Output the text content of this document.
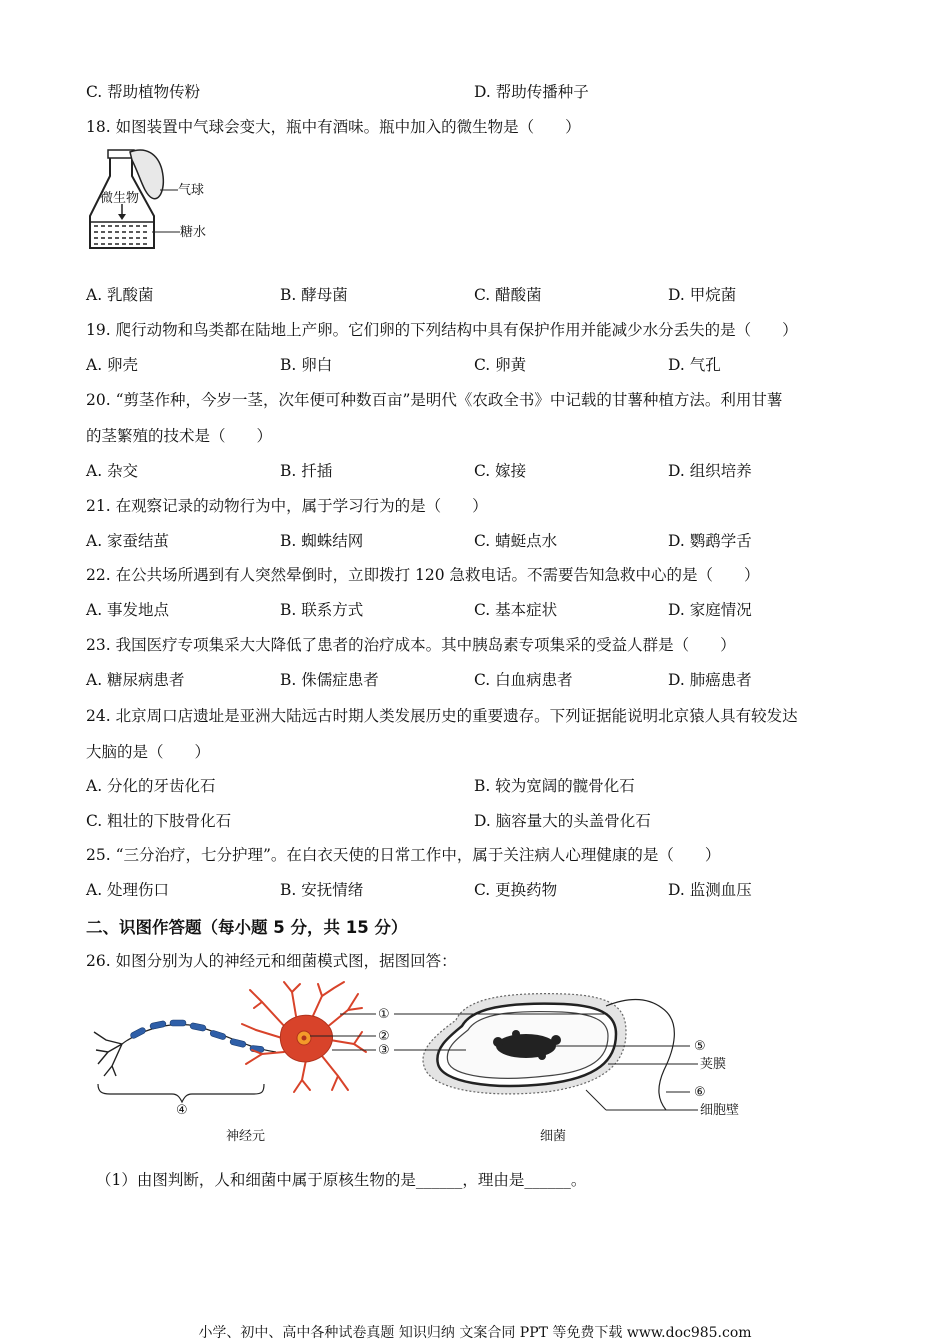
C. 帮助植物传粉	D. 帮助传播种子
18. 如图装置中气球会变大，瓶中有酒味。瓶中加入的微生物是（　　）
微生物
气球
糖水
A. 乳酸菌	B. 酵母菌	C. 醋酸菌	D. 甲烷菌
19. 爬行动物和鸟类都在陆地上产卵。它们卵的下列结构中具有保护作用并能减少水分丢失的是（　　）
A. 卵壳	B. 卵白	C. 卵黄	D. 气孔
20. “剪茎作种，今岁一茎，次年便可种数百亩”是明代《农政全书》中记载的甘薯种植方法。利用甘薯
的茎繁殖的技术是（　　）
A. 杂交	B. 扦插	C. 嫁接	D. 组织培养
21. 在观察记录的动物行为中，属于学习行为的是（　　）
A. 家蚕结茧	B. 蜘蛛结网	C. 蜻蜓点水	D. 鹦鹉学舌
22. 在公共场所遇到有人突然晕倒时，立即拨打 120 急救电话。不需要告知急救中心的是（　　）
A. 事发地点	B. 联系方式	C. 基本症状	D. 家庭情况
23. 我国医疗专项集采大大降低了患者的治疗成本。其中胰岛素专项集采的受益人群是（　　）
A. 糖尿病患者	B. 侏儒症患者	C. 白血病患者	D. 肺癌患者
24. 北京周口店遗址是亚洲大陆远古时期人类发展历史的重要遗存。下列证据能说明北京猿人具有较发达
大脑的是（　　）
A. 分化的牙齿化石	B. 较为宽阔的髋骨化石
C. 粗壮的下肢骨化石	D. 脑容量大的头盖骨化石
25. “三分治疗，七分护理”。在白衣天使的日常工作中，属于关注病人心理健康的是（　　）
A. 处理伤口	B. 安抚情绪	C. 更换药物	D. 监测血压
二、识图作答题（每小题 5 分，共 15 分）
26. 如图分别为人的神经元和细菌模式图，据图回答：
④
①
②
③	⑤
荚膜
⑥
细胞壁
神经元	细菌
（1）由图判断，人和细菌中属于原核生物的是______，理由是______。
小学、初中、高中各种试卷真题 知识归纳 文案合同 PPT 等免费下载 www.doc985.com
